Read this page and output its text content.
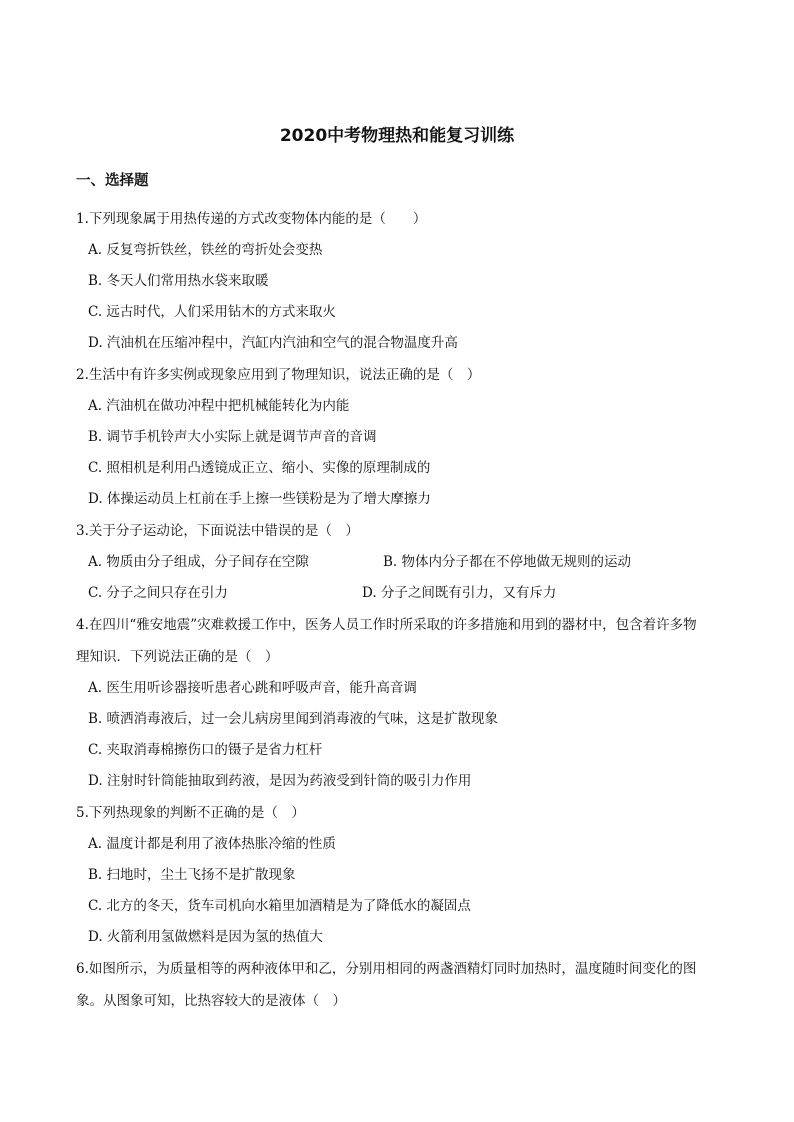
2020中考物理热和能复习训练
一、选择题
1.下列现象属于用热传递的方式改变物体内能的是（　　）
A. 反复弯折铁丝，铁丝的弯折处会变热
B. 冬天人们常用热水袋来取暖
C. 远古时代，人们采用钻木的方式来取火
D. 汽油机在压缩冲程中，汽缸内汽油和空气的混合物温度升高
2.生活中有许多实例或现象应用到了物理知识，说法正确的是（　）
A. 汽油机在做功冲程中把机械能转化为内能
B. 调节手机铃声大小实际上就是调节声音的音调
C. 照相机是利用凸透镜成正立、缩小、实像的原理制成的
D. 体操运动员上杠前在手上擦一些镁粉是为了增大摩擦力
3.关于分子运动论，下面说法中错误的是（　）
A. 物质由分子组成，分子间存在空隙	B. 物体内分子都在不停地做无规则的运动
C. 分子之间只存在引力	D. 分子之间既有引力，又有斥力
4.在四川“雅安地震”灾难救援工作中，医务人员工作时所采取的许多措施和用到的器材中，包含着许多物
理知识．下列说法正确的是（　）
A. 医生用听诊器接听患者心跳和呼吸声音，能升高音调
B. 喷洒消毒液后，过一会儿病房里闻到消毒液的气味，这是扩散现象
C. 夹取消毒棉擦伤口的镊子是省力杠杆
D. 注射时针筒能抽取到药液，是因为药液受到针筒的吸引力作用
5.下列热现象的判断不正确的是（　）
A. 温度计都是利用了液体热胀冷缩的性质
B. 扫地时，尘土飞扬不是扩散现象
C. 北方的冬天，货车司机向水箱里加酒精是为了降低水的凝固点
D. 火箭利用氢做燃料是因为氢的热值大
6.如图所示，为质量相等的两种液体甲和乙，分别用相同的两盏酒精灯同时加热时，温度随时间变化的图
象。从图象可知，比热容较大的是液体（　）
